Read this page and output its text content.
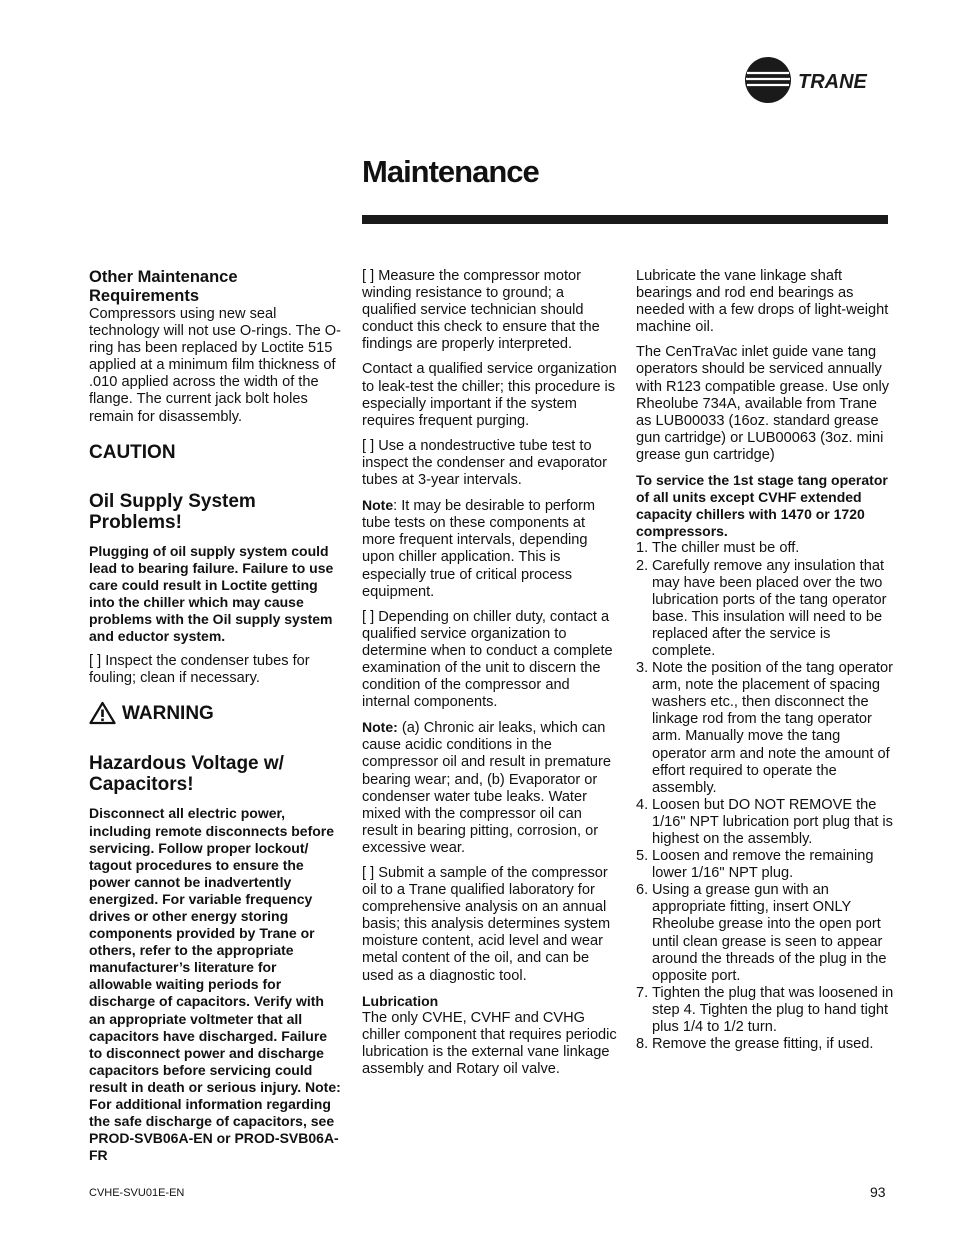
TRANE
Maintenance
Other Maintenance Requirements

Compressors using new seal technology will not use O-rings. The O-ring has been replaced by Loctite 515 applied at a minimum film thickness of .010 applied across the width of the flange. The current jack bolt holes remain for disassembly.

CAUTION
Oil Supply System Problems!

Plugging of oil supply system could lead to bearing failure. Failure to use care could result in Loctite getting into the chiller which may cause problems with the Oil supply system and eductor system.

[ ] Inspect the condenser tubes for fouling; clean if necessary.

WARNING
Hazardous Voltage w/ Capacitors!

Disconnect all electric power, including remote disconnects before servicing. Follow proper lockout/ tagout procedures to ensure the power cannot be inadvertently energized. For variable frequency drives or other energy storing components provided by Trane or others, refer to the appropriate manufacturer’s literature for allowable waiting periods for discharge of capacitors. Verify with an appropriate voltmeter that all capacitors have discharged. Failure to disconnect power and discharge capacitors before servicing could result in death or serious injury. Note: For additional information regarding the safe discharge of capacitors, see PROD-SVB06A-EN or PROD-SVB06A-FR

[ ] Measure the compressor motor winding resistance to ground; a qualified service technician should conduct this check to ensure that the findings are properly interpreted.

Contact a qualified service organization to leak-test the chiller; this procedure is especially important if the system requires frequent purging.

[ ] Use a nondestructive tube test to inspect the condenser and evaporator tubes at 3-year intervals.

Note: It may be desirable to perform tube tests on these components at more frequent intervals, depending upon chiller application. This is especially true of critical process equipment.

[ ] Depending on chiller duty, contact a qualified service organization to determine when to conduct a complete examination of the unit to discern the condition of the compressor and internal components.

Note: (a) Chronic air leaks, which can cause acidic conditions in the compressor oil and result in premature bearing wear; and, (b) Evaporator or condenser water tube leaks. Water mixed with the compressor oil can result in bearing pitting, corrosion, or excessive wear.

[ ] Submit a sample of the compressor oil to a Trane qualified laboratory for comprehensive analysis on an annual basis; this analysis determines system moisture content, acid level and wear metal content of the oil, and can be used as a diagnostic tool.

Lubrication

The only CVHE, CVHF and CVHG chiller component that requires periodic lubrication is the external vane linkage assembly and Rotary oil valve.

Lubricate the vane linkage shaft bearings and rod end bearings as needed with a few drops of light-weight machine oil.

The CenTraVac inlet guide vane tang operators should be serviced annually with R123 compatible grease. Use only Rheolube 734A, available from Trane as LUB00033 (16oz. standard grease gun cartridge) or LUB00063 (3oz. mini grease gun cartridge)

To service the 1st stage tang operator of all units except CVHF extended capacity chillers with 1470 or 1720 compressors.
1. The chiller must be off.
2. Carefully remove any insulation that may have been placed over the two lubrication ports of the tang operator base. This insulation will need to be replaced after the service is complete.
3. Note the position of the tang operator arm, note the placement of spacing washers etc., then disconnect the linkage rod from the tang operator arm. Manually move the tang operator arm and note the amount of effort required to operate the assembly.
4. Loosen but DO NOT REMOVE the 1/16" NPT lubrication port plug that is highest on the assembly.
5. Loosen and remove the remaining lower 1/16" NPT plug.
6. Using a grease gun with an appropriate fitting, insert ONLY Rheolube grease into the open port until clean grease is seen to appear around the threads of the plug in the opposite port.
7. Tighten the plug that was loosened in step 4. Tighten the plug to hand tight plus 1/4 to 1/2 turn.
8. Remove the grease fitting, if used.
CVHE-SVU01E-EN	93
